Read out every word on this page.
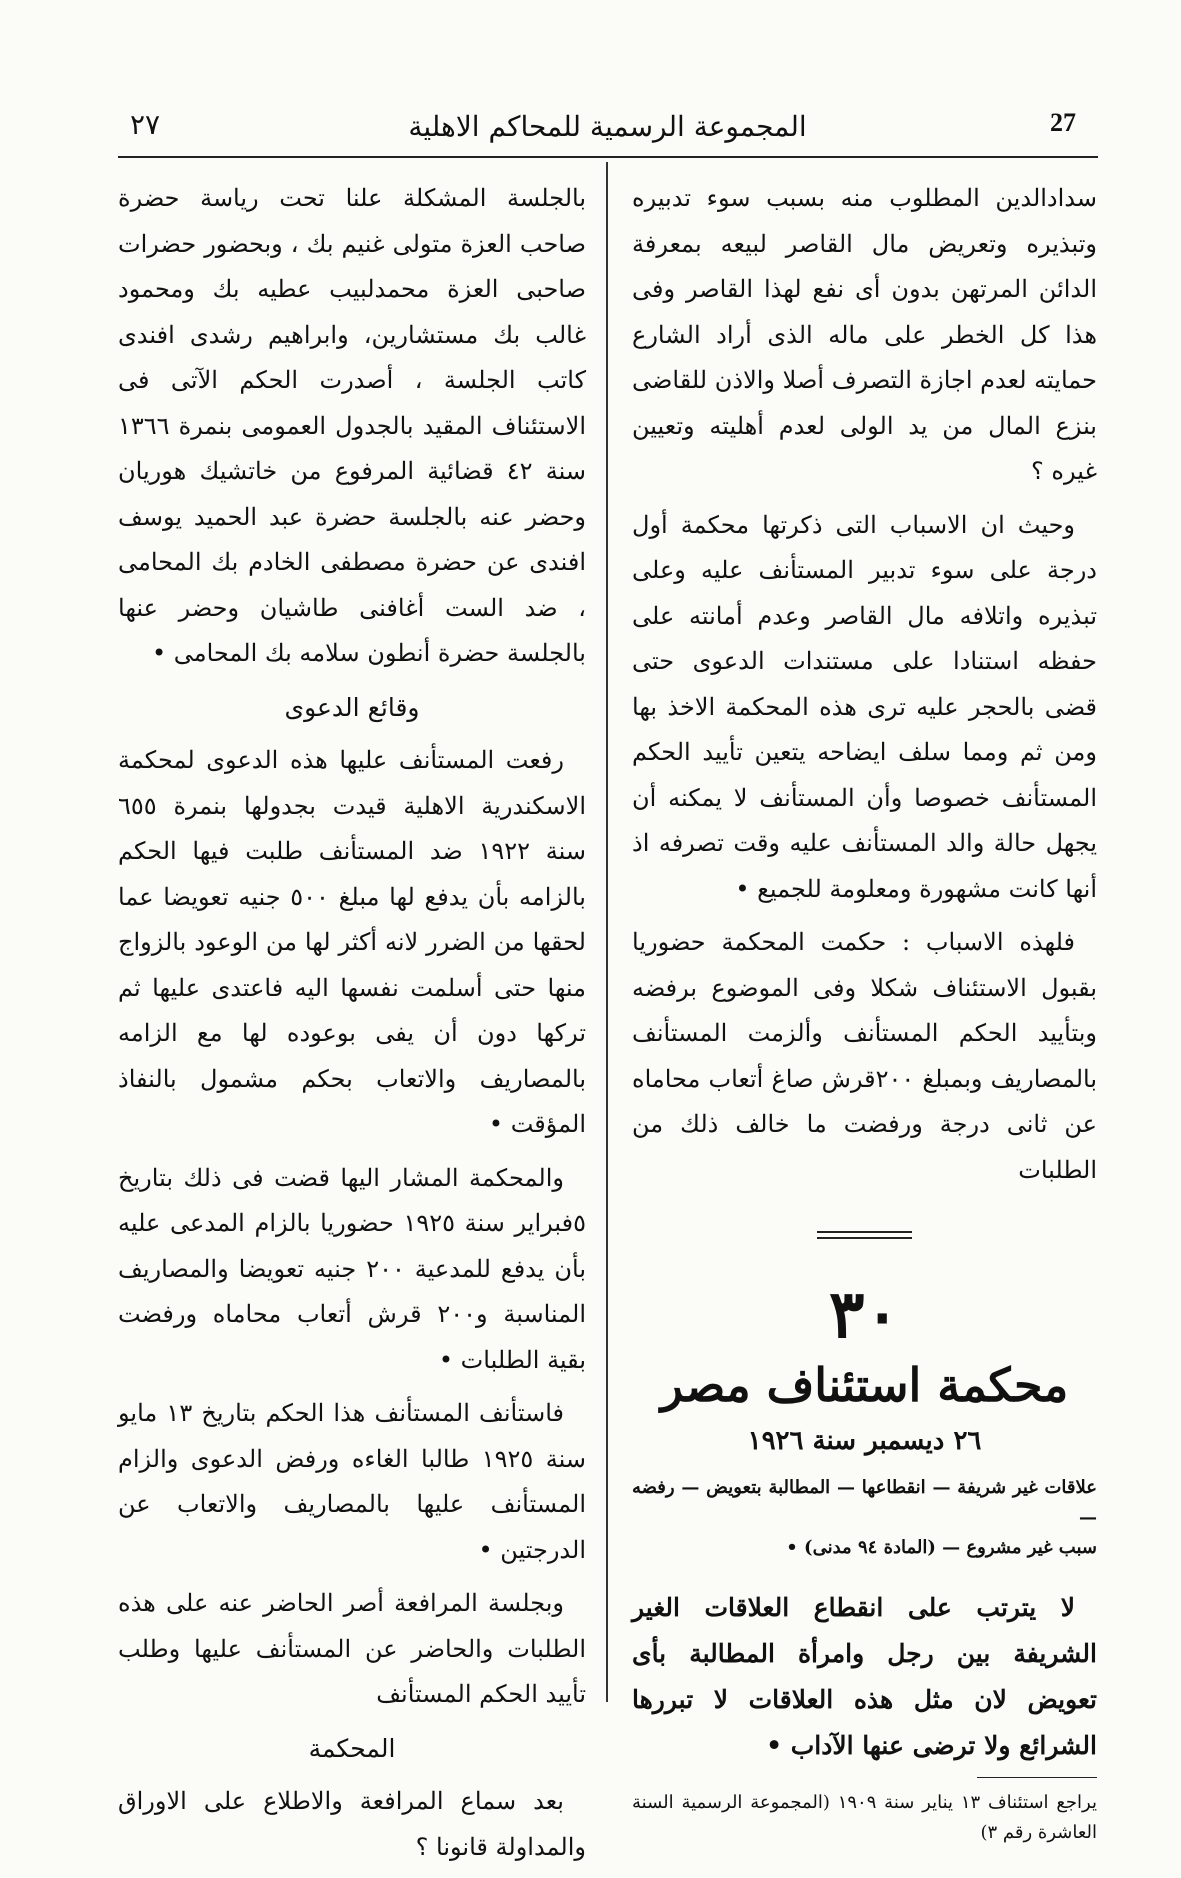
27
المجموعة الرسمية للمحاكم الاهلية
٢٧

سدادالدين المطلوب منه بسبب سوء تدبيره وتبذيره وتعريض مال القاصر لبيعه بمعرفة الدائن المرتهن بدون أى نفع لهذا القاصر وفى هذا كل الخطر على ماله الذى أراد الشارع حمايته لعدم اجازة التصرف أصلا والاذن للقاضى بنزع المال من يد الولى لعدم أهليته وتعيين غيره ؟

وحيث ان الاسباب التى ذكرتها محكمة أول درجة على سوء تدبير المستأنف عليه وعلى تبذيره واتلافه مال القاصر وعدم أمانته على حفظه استنادا على مستندات الدعوى حتى قضى بالحجر عليه ترى هذه المحكمة الاخذ بها ومن ثم ومما سلف ايضاحه يتعين تأييد الحكم المستأنف خصوصا وأن المستأنف لا يمكنه أن يجهل حالة والد المستأنف عليه وقت تصرفه اذ أنها كانت مشهورة ومعلومة للجميع •

فلهذه الاسباب : حكمت المحكمة حضوريا بقبول الاستئناف شكلا وفى الموضوع برفضه وبتأييد الحكم المستأنف وألزمت المستأنف بالمصاريف وبمبلغ ٢٠٠قرش صاغ أتعاب محاماه عن ثانى درجة ورفضت ما خالف ذلك من الطلبات

٣٠
محكمة استئناف مصر
٢٦ ديسمبر سنة ١٩٢٦
علاقات غير شريفة — انقطاعها — المطالبة بتعويض — رفضه —
سبب غير مشروع — (المادة ٩٤ مدنى) •

لا يترتب على انقطاع العلاقات الغير الشريفة بين رجل وامرأة المطالبة بأى تعويض لان مثل هذه العلاقات لا تبررها الشرائع ولا ترضى عنها الآداب •

يراجع استئناف ١٣ يناير سنة ١٩٠٩ (المجموعة الرسمية السنة العاشرة رقم ٣)

بالجلسة المشكلة علنا تحت رياسة حضرة صاحب العزة متولى غنيم بك ، وبحضور حضرات صاحبى العزة محمدلبيب عطيه بك ومحمود غالب بك مستشارين، وابراهيم رشدى افندى كاتب الجلسة ، أصدرت الحكم الآتى فى الاستئناف المقيد بالجدول العمومى بنمرة ١٣٦٦ سنة ٤٢ قضائية المرفوع من خاتشيك هوريان وحضر عنه بالجلسة حضرة عبد الحميد يوسف افندى عن حضرة مصطفى الخادم بك المحامى ، ضد الست أغافنى طاشيان وحضر عنها بالجلسة حضرة أنطون سلامه بك المحامى •

وقائع الدعوى

رفعت المستأنف عليها هذه الدعوى لمحكمة الاسكندرية الاهلية قيدت بجدولها بنمرة ٦٥٥ سنة ١٩٢٢ ضد المستأنف طلبت فيها الحكم بالزامه بأن يدفع لها مبلغ ٥٠٠ جنيه تعويضا عما لحقها من الضرر لانه أكثر لها من الوعود بالزواج منها حتى أسلمت نفسها اليه فاعتدى عليها ثم تركها دون أن يفى بوعوده لها مع الزامه بالمصاريف والاتعاب بحكم مشمول بالنفاذ المؤقت •

والمحكمة المشار اليها قضت فى ذلك بتاريخ ٥فبراير سنة ١٩٢٥ حضوريا بالزام المدعى عليه بأن يدفع للمدعية ٢٠٠ جنيه تعويضا والمصاريف المناسبة و٢٠٠ قرش أتعاب محاماه ورفضت بقية الطلبات •

فاستأنف المستأنف هذا الحكم بتاريخ ١٣ مايو سنة ١٩٢٥ طالبا الغاءه ورفض الدعوى والزام المستأنف عليها بالمصاريف والاتعاب عن الدرجتين •

وبجلسة المرافعة أصر الحاضر عنه على هذه الطلبات والحاضر عن المستأنف عليها وطلب تأييد الحكم المستأنف

المحكمة

بعد سماع المرافعة والاطلاع على الاوراق والمداولة قانونا ؟
